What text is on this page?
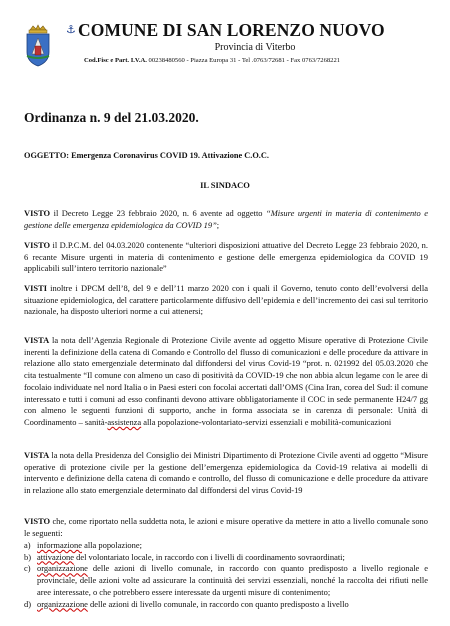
⚓ COMUNE DI SAN LORENZO NUOVO
Provincia di Viterbo
Cod.Fisc e Part. I.V.A. 00238480560 - Piazza Europa 31 - Tel .0763/72681 - Fax 0763/7268221
Ordinanza n. 9 del 21.03.2020.
OGGETTO: Emergenza Coronavirus COVID 19. Attivazione C.O.C.
IL SINDACO
VISTO il Decreto Legge 23 febbraio 2020, n. 6 avente ad oggetto “Misure urgenti in materia di contenimento e gestione delle emergenza epidemiologica da COVID 19”;
VISTO il D.P.C.M. del 04.03.2020 contenente “ulteriori disposizioni attuative del Decreto Legge 23 febbraio 2020, n. 6 recante Misure urgenti in materia di contenimento e gestione delle emergenza epidemiologica da COVID 19 applicabili sull’intero territorio nazionale”
VISTI inoltre i DPCM dell’8, del 9 e dell’11 marzo 2020 con i quali il Governo, tenuto conto dell’evolversi della situazione epidemiologica, del carattere particolarmente diffusivo dell’epidemia e dell’incremento dei casi sul territorio nazionale, ha disposto ulteriori norme a cui attenersi;
VISTA la nota dell’Agenzia Regionale di Protezione Civile avente ad oggetto Misure operative di Protezione Civile inerenti la definizione della catena di Comando e Controllo del flusso di comunicazioni e delle procedure da attivare in relazione allo stato emergenziale determinato dal diffondersi del virus Covid-19 “prot. n. 021992 del 05.03.2020 che cita testualmente “Il comune con almeno un caso di positività da COVID-19 che non abbia alcun legame con le aree di focolaio individuate nel nord Italia o in Paesi esteri con focolai accertati dall’OMS (Cina Iran, corea del Sud: il comune interessato e tutti i comuni ad esso confinanti devono attivare obbligatoriamente il COC in sede permanente H24/7 gg con almeno le seguenti funzioni di supporto, anche in forma associata se in carenza di personale: Unità di Coordinamento – sanità-assistenza alla popolazione-volontariato-servizi essenziali e mobilità-comunicazioni
VISTA la nota della Presidenza del Consiglio dei Ministri Dipartimento di Protezione Civile aventi ad oggetto “Misure operative di protezione civile per la gestione dell’emergenza epidemiologica da Covid-19 relativa ai modelli di intervento e definizione della catena di comando e controllo, del flusso di comunicazione e delle procedure da attivare in relazione allo stato emergenziale determinato dal diffondersi del virus Covid-19
VISTO che, come riportato nella suddetta nota, le azioni e misure operative da mettere in atto a livello comunale sono le seguenti:
a) informazione alla popolazione;
b) attivazione del volontariato locale, in raccordo con i livelli di coordinamento sovraordinati;
c) organizzazione delle azioni di livello comunale, in raccordo con quanto predisposto a livello regionale e provinciale, delle azioni volte ad assicurare la continuità dei servizi essenziali, nonché la raccolta dei rifiuti nelle aree interessate, o che potrebbero essere interessate da urgenti misure di contenimento;
d) organizzazione delle azioni di livello comunale, in raccordo con quanto predisposto a livello
